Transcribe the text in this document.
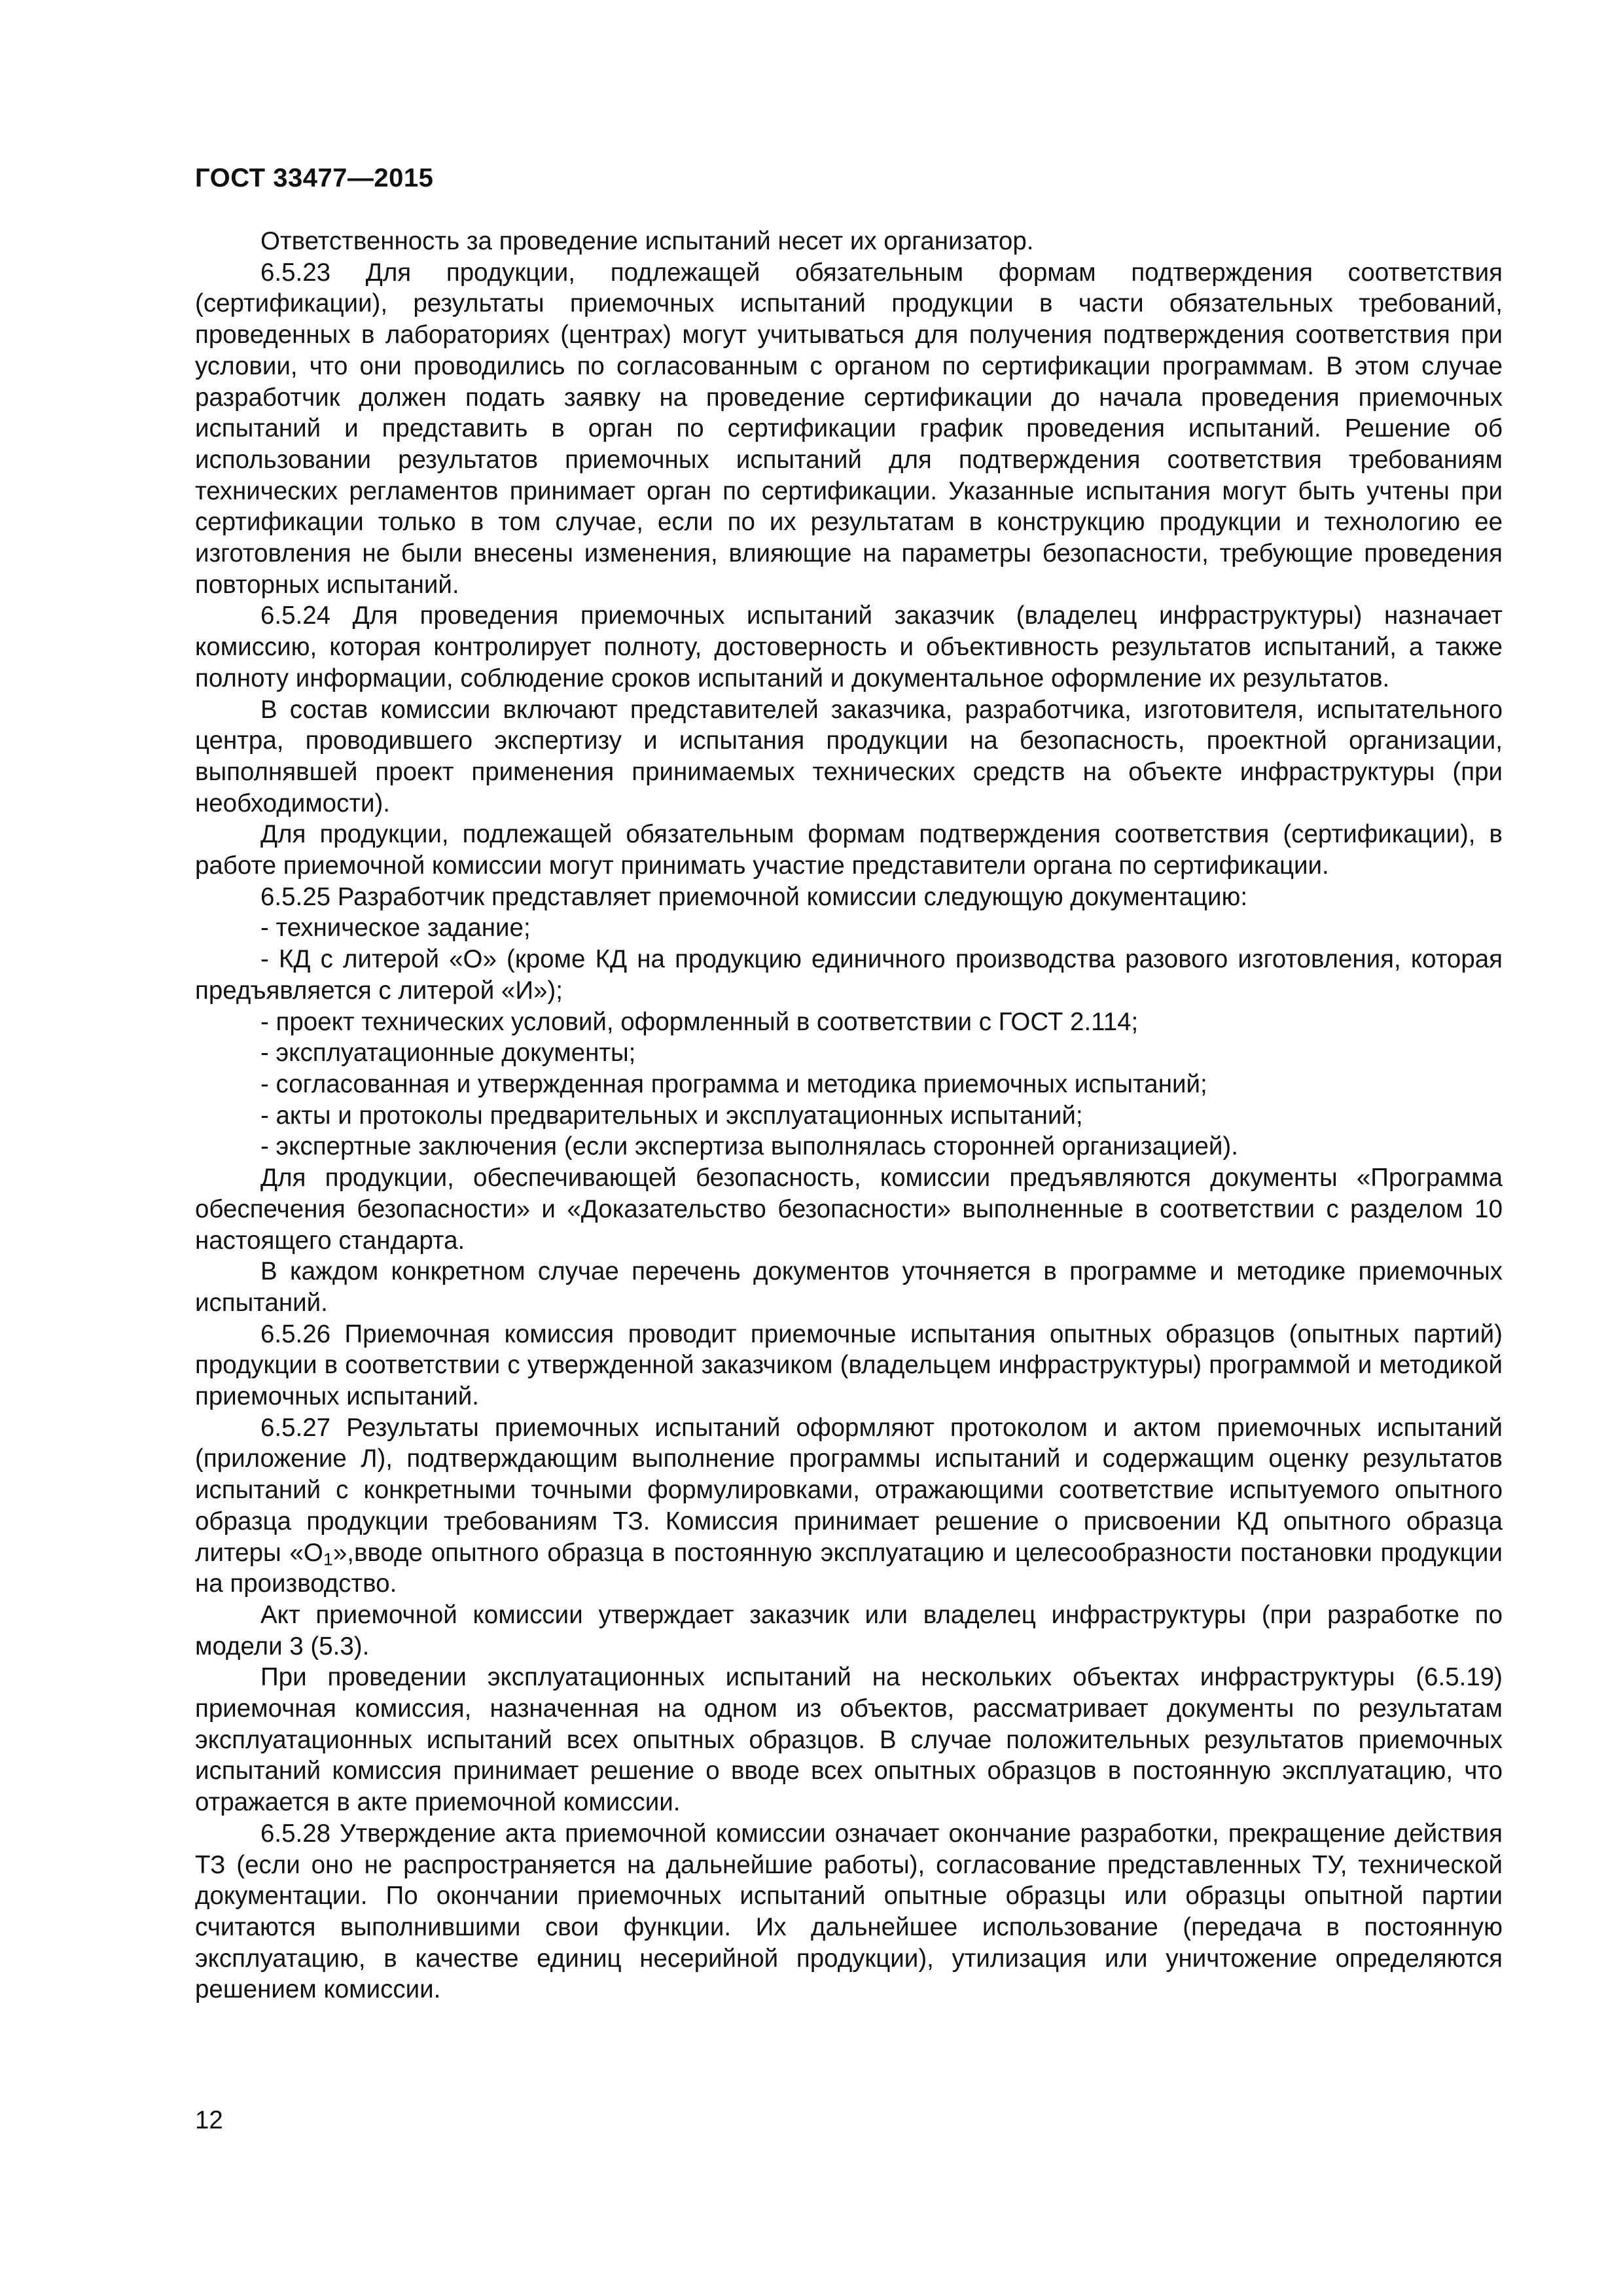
ГОСТ 33477—2015

Ответственность за проведение испытаний несет их организатор.

6.5.23 Для продукции, подлежащей обязательным формам подтверждения соответствия (сертификации), результаты приемочных испытаний продукции в части обязательных требований, проведенных в лабораториях (центрах) могут учитываться для получения подтверждения соответствия при условии, что они проводились по согласованным с органом по сертификации программам. В этом случае разработчик должен подать заявку на проведение сертификации до начала проведения приемочных испытаний и представить в орган по сертификации график проведения испытаний. Решение об использовании результатов приемочных испытаний для подтверждения соответствия требованиям технических регламентов принимает орган по сертификации. Указанные испытания могут быть учтены при сертификации только в том случае, если по их результатам в конструкцию продукции и технологию ее изготовления не были внесены изменения, влияющие на параметры безопасности, требующие проведения повторных испытаний.

6.5.24 Для проведения приемочных испытаний заказчик (владелец инфраструктуры) назначает комиссию, которая контролирует полноту, достоверность и объективность результатов испытаний, а также полноту информации, соблюдение сроков испытаний и документальное оформление их результатов.

В состав комиссии включают представителей заказчика, разработчика, изготовителя, испытательного центра, проводившего экспертизу и испытания продукции на безопасность, проектной организации, выполнявшей проект применения принимаемых технических средств на объекте инфраструктуры (при необходимости).

Для продукции, подлежащей обязательным формам подтверждения соответствия (сертификации), в работе приемочной комиссии могут принимать участие представители органа по сертификации.

6.5.25 Разработчик представляет приемочной комиссии следующую документацию:

- техническое задание;

- КД с литерой «О» (кроме КД на продукцию единичного производства разового изготовления, которая предъявляется с литерой «И»);

- проект технических условий, оформленный в соответствии с ГОСТ 2.114;

- эксплуатационные документы;

- согласованная и утвержденная программа и методика приемочных испытаний;

- акты и протоколы предварительных и эксплуатационных испытаний;

- экспертные заключения (если экспертиза выполнялась сторонней организацией).

Для продукции, обеспечивающей безопасность, комиссии предъявляются документы «Программа обеспечения безопасности» и «Доказательство безопасности» выполненные в соответствии с разделом 10 настоящего стандарта.

В каждом конкретном случае перечень документов уточняется в программе и методике приемочных испытаний.

6.5.26 Приемочная комиссия проводит приемочные испытания опытных образцов (опытных партий) продукции в соответствии с утвержденной заказчиком (владельцем инфраструктуры) программой и методикой приемочных испытаний.

6.5.27 Результаты приемочных испытаний оформляют протоколом и актом приемочных испытаний (приложение Л), подтверждающим выполнение программы испытаний и содержащим оценку результатов испытаний с конкретными точными формулировками, отражающими соответствие испытуемого опытного образца продукции требованиям ТЗ. Комиссия принимает решение о присвоении КД опытного образца литеры «$О_1»,вводе$ опытного образца в постоянную эксплуатацию и целесообразности постановки продукции на производство.

Акт приемочной комиссии утверждает заказчик или владелец инфраструктуры (при разработке по модели 3 (5.3).

При проведении эксплуатационных испытаний на нескольких объектах инфраструктуры (6.5.19) приемочная комиссия, назначенная на одном из объектов, рассматривает документы по результатам эксплуатационных испытаний всех опытных образцов. В случае положительных результатов приемочных испытаний комиссия принимает решение о вводе всех опытных образцов в постоянную эксплуатацию, что отражается в акте приемочной комиссии.

6.5.28 Утверждение акта приемочной комиссии означает окончание разработки, прекращение действия ТЗ (если оно не распространяется на дальнейшие работы), согласование представленных ТУ, технической документации. По окончании приемочных испытаний опытные образцы или образцы опытной партии считаются выполнившими свои функции. Их дальнейшее использование (передача в постоянную эксплуатацию, в качестве единиц несерийной продукции), утилизация или уничтожение определяются решением комиссии.

12
